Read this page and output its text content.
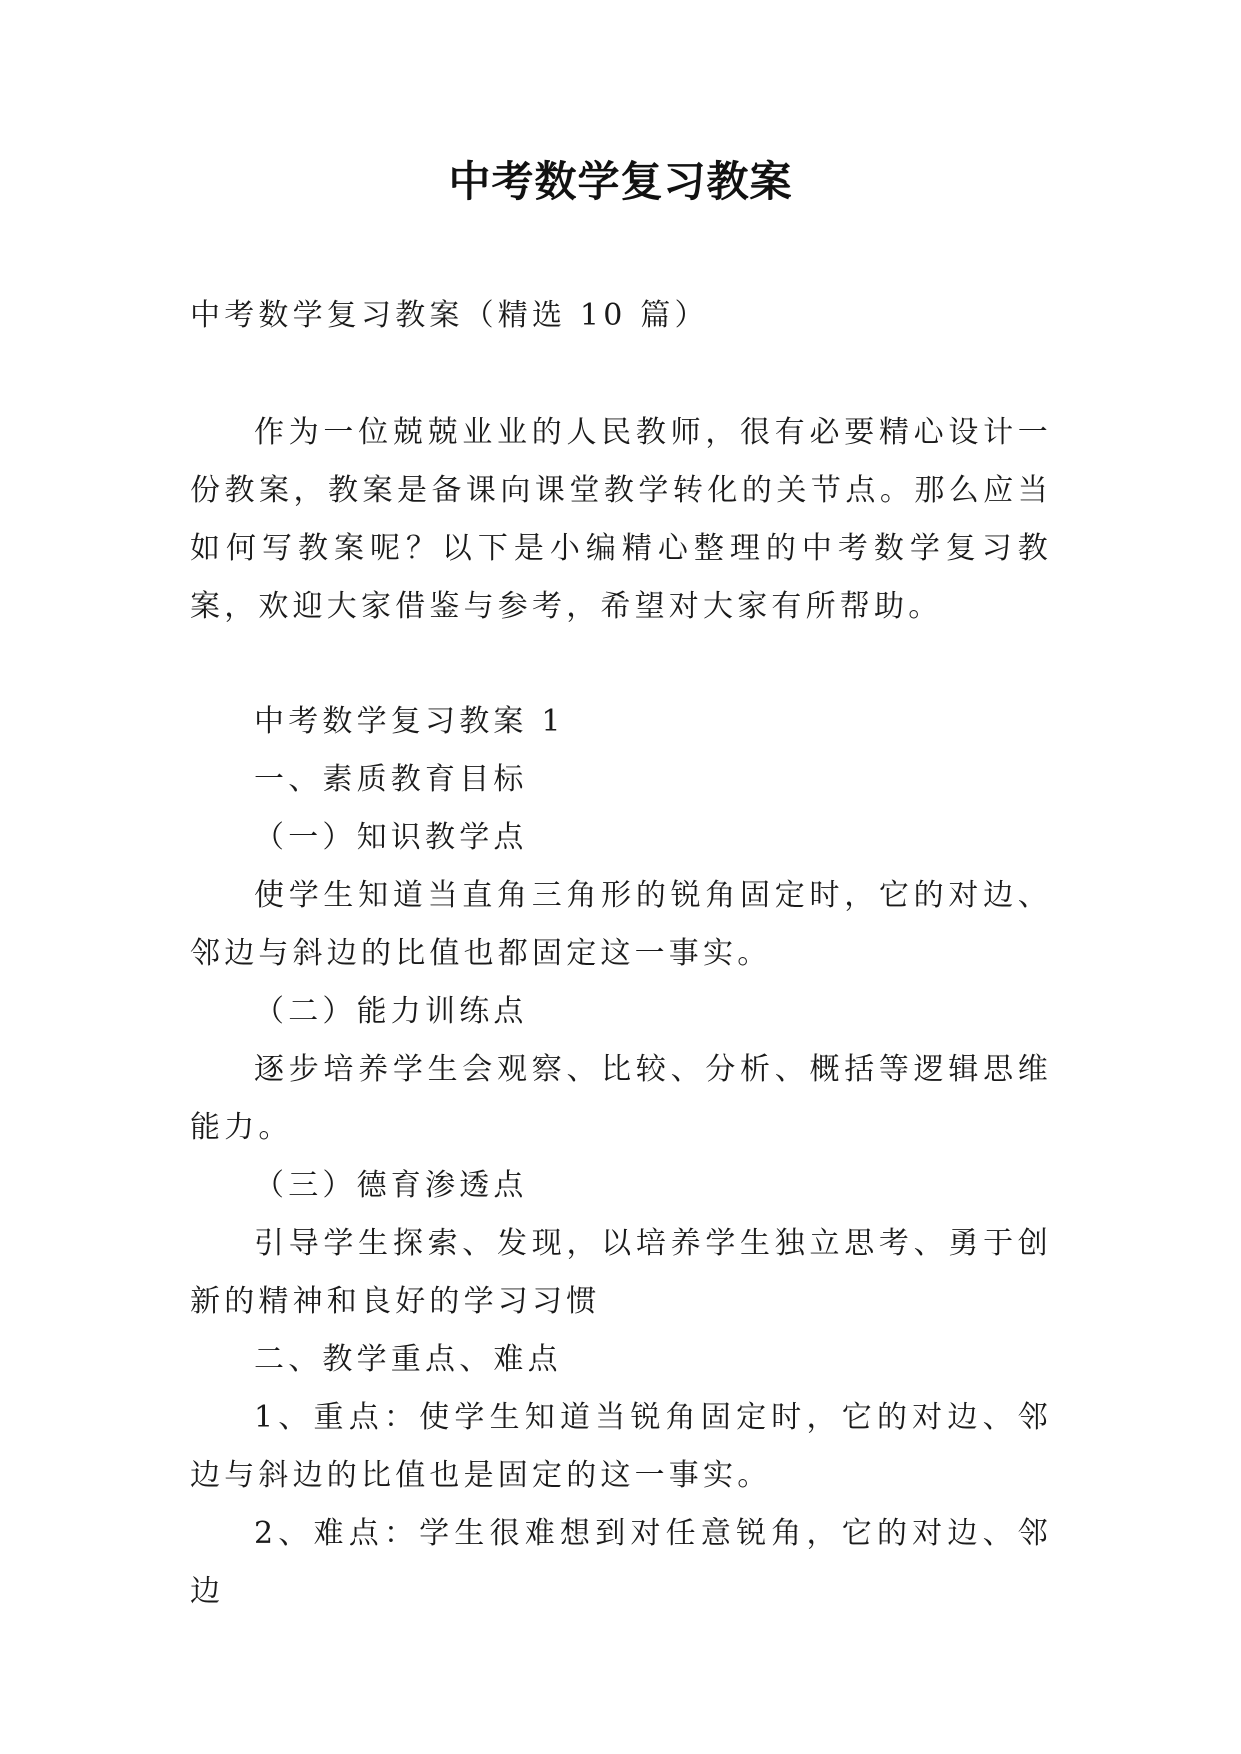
中考数学复习教案
中考数学复习教案（精选 10 篇）
作为一位兢兢业业的人民教师，很有必要精心设计一份教案，教案是备课向课堂教学转化的关节点。那么应当如何写教案呢？以下是小编精心整理的中考数学复习教案，欢迎大家借鉴与参考，希望对大家有所帮助。

中考数学复习教案 1

一、素质教育目标

（一）知识教学点

使学生知道当直角三角形的锐角固定时，它的对边、邻边与斜边的比值也都固定这一事实。

（二）能力训练点

逐步培养学生会观察、比较、分析、概括等逻辑思维能力。

（三）德育渗透点

引导学生探索、发现，以培养学生独立思考、勇于创新的精神和良好的学习习惯

二、教学重点、难点

1、重点：使学生知道当锐角固定时，它的对边、邻边与斜边的比值也是固定的这一事实。

2、难点：学生很难想到对任意锐角，它的对边、邻边
